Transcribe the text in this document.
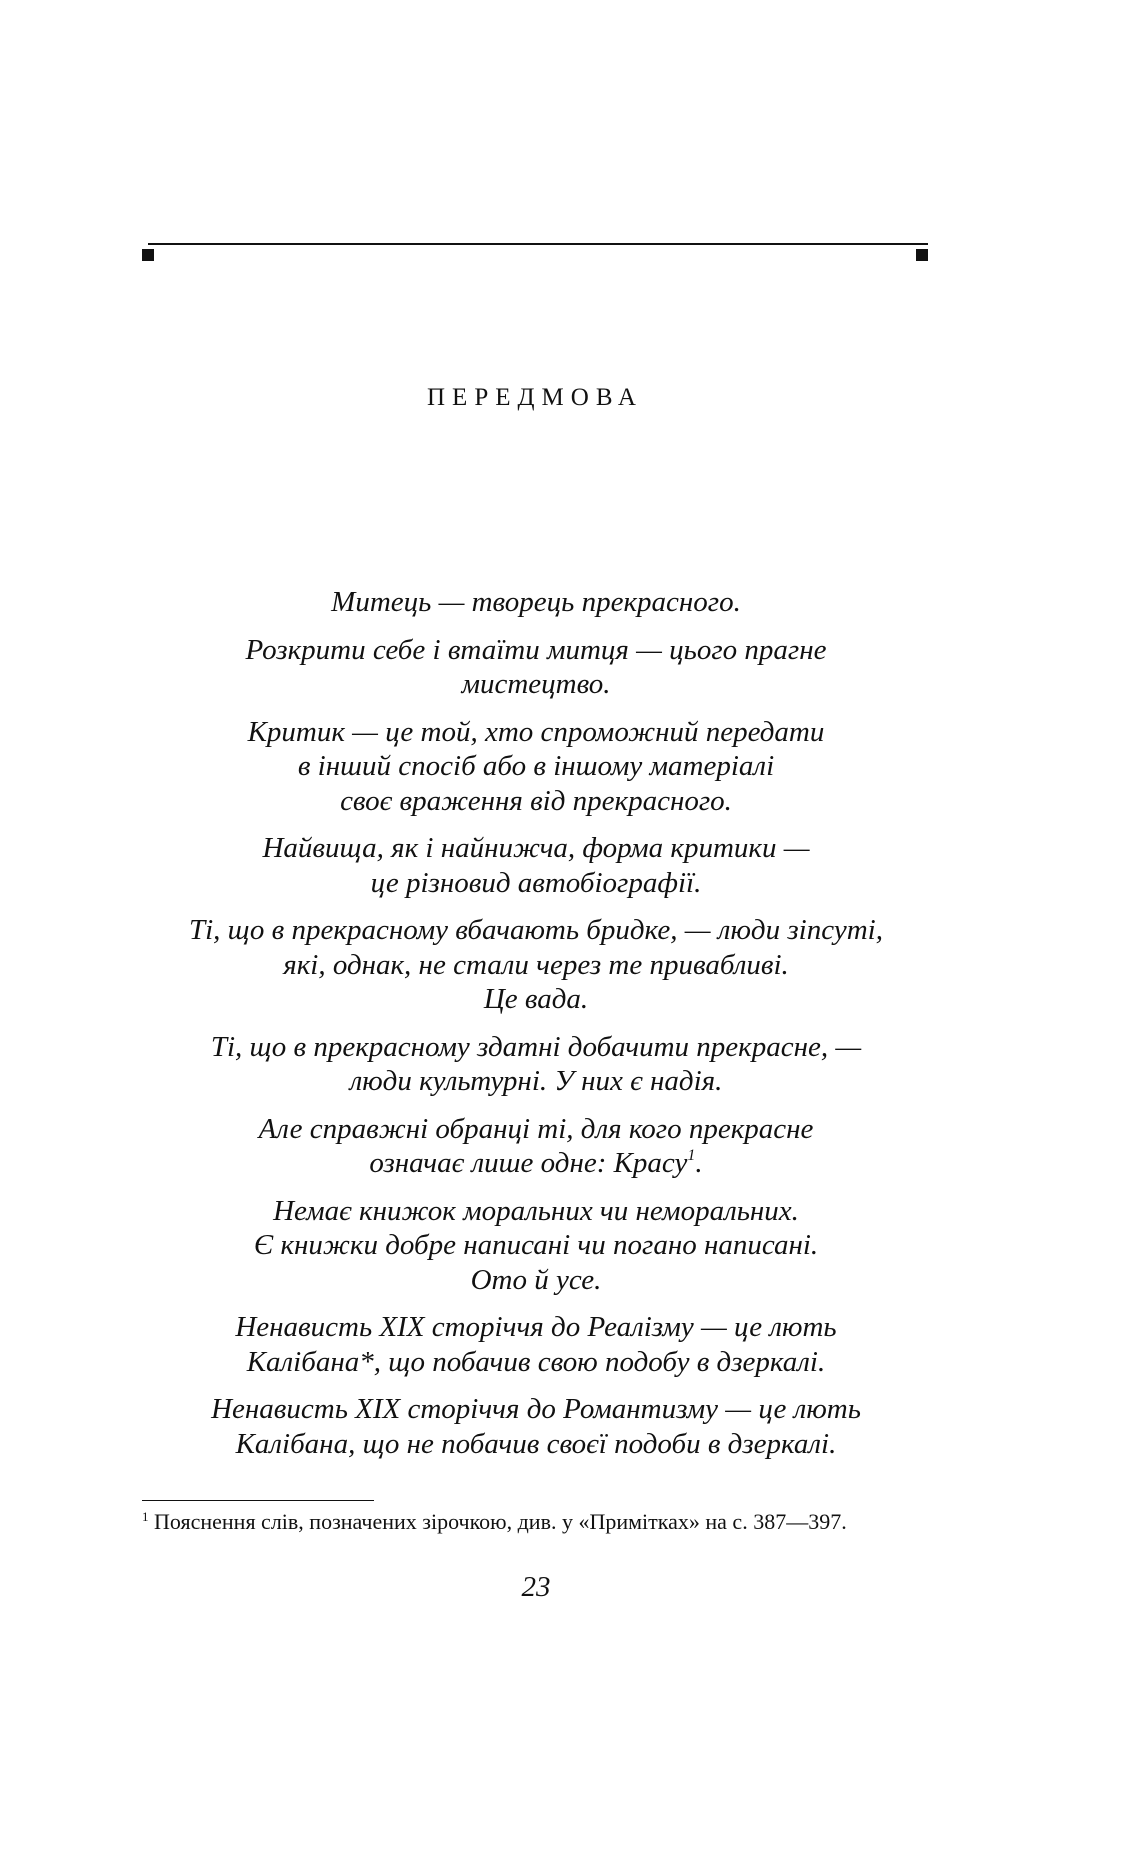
ПЕРЕДМОВА
Митець — творець прекрасного.
Розкрити себе і втаїти митця — цього прагне
мистецтво.
Критик — це той, хто спроможний передати
в інший спосіб або в іншому матеріалі
своє враження від прекрасного.
Найвища, як і найнижча, форма критики —
це різновид автобіографії.
Ті, що в прекрасному вбачають бридке, — люди зіпсуті,
які, однак, не стали через те привабливі.
Це вада.
Ті, що в прекрасному здатні добачити прекрасне, —
люди культурні. У них є надія.
Але справжні обранці ті, для кого прекрасне
означає лише одне: Красу$^1$.
Немає книжок моральних чи неморальних.
Є книжки добре написані чи погано написані.
Ото й усе.
Ненависть XIX сторіччя до Реалізму — це лють
Калібана*, що побачив свою подобу в дзеркалі.
Ненависть XIX сторіччя до Романтизму — це лють
Калібана, що не побачив своєї подоби в дзеркалі.
$^1$ Пояснення слів, позначених зірочкою, див. у «Примітках» на с. 387—397.
23
